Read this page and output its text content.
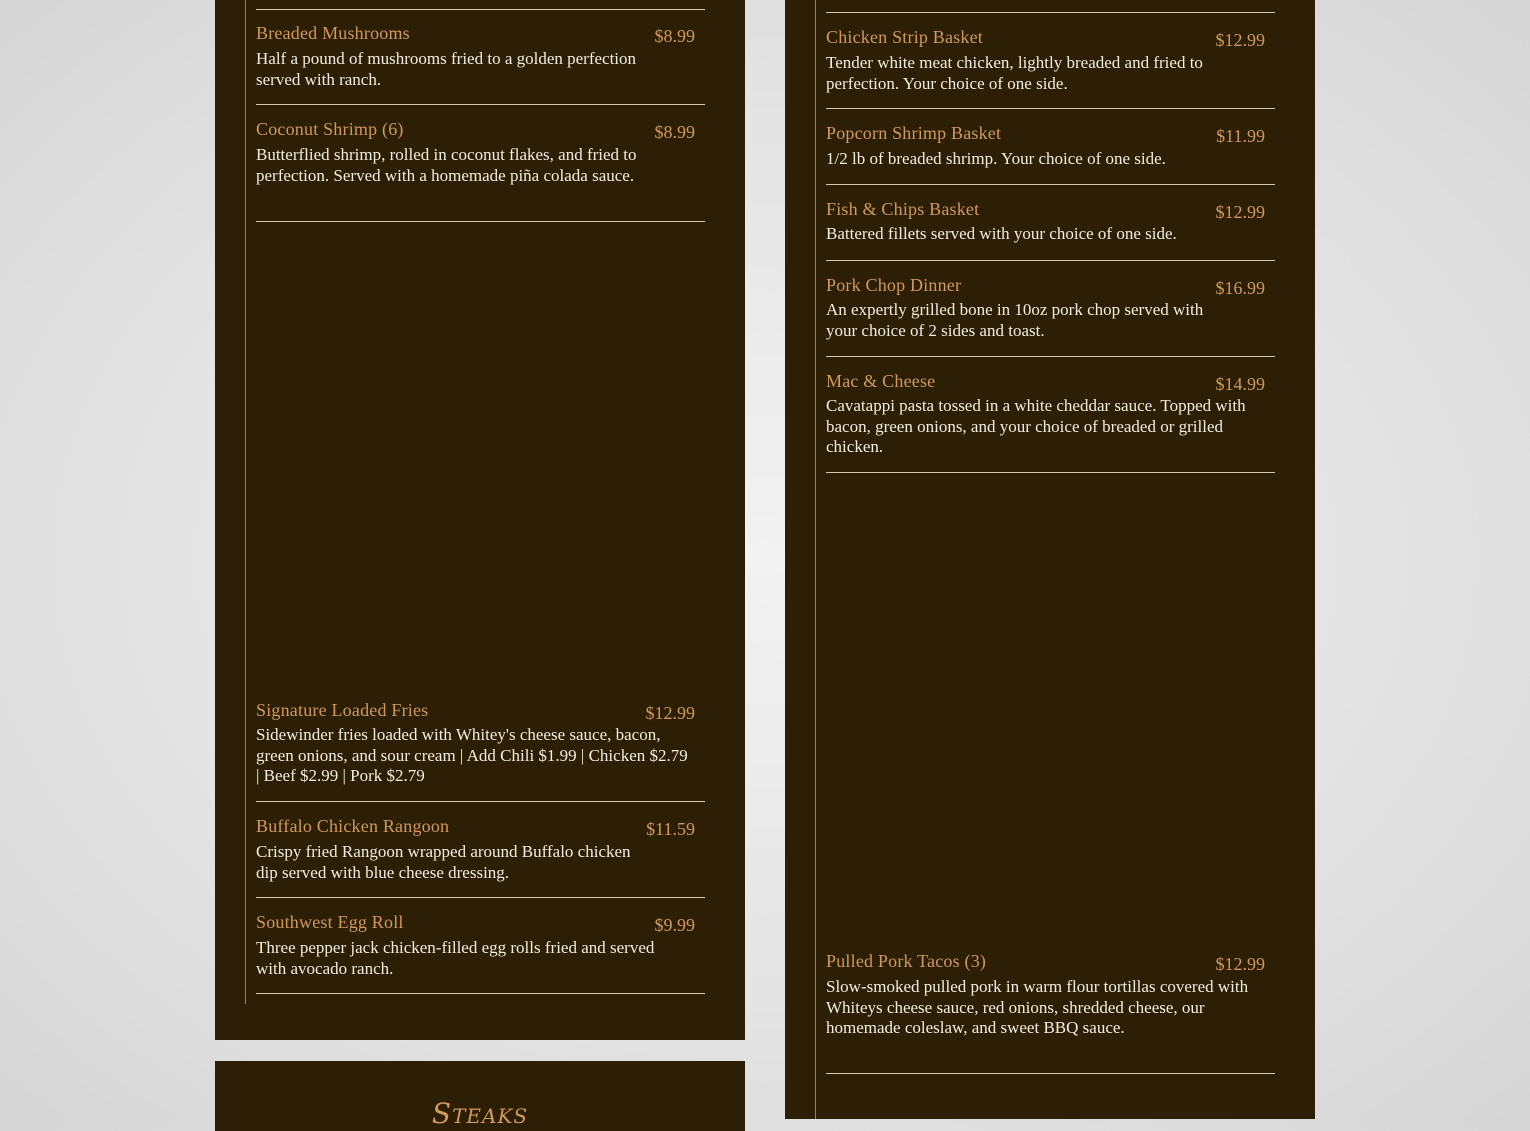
Breaded Mushrooms	$8.99
Half a pound of mushrooms fried to a golden perfection served with ranch.
Coconut Shrimp (6)	$8.99
Butterflied shrimp, rolled in coconut flakes, and fried to perfection. Served with a homemade piña colada sauce.
Signature Loaded Fries	$12.99
Sidewinder fries loaded with Whitey's cheese sauce, bacon, green onions, and sour cream | Add Chili $1.99 | Chicken $2.79 | Beef $2.99 | Pork $2.79
Buffalo Chicken Rangoon	$11.59
Crispy fried Rangoon wrapped around Buffalo chicken dip served with blue cheese dressing.
Southwest Egg Roll	$9.99
Three pepper jack chicken-filled egg rolls fried and served with avocado ranch.
Chicken Strip Basket	$12.99
Tender white meat chicken, lightly breaded and fried to perfection. Your choice of one side.
Popcorn Shrimp Basket	$11.99
1/2 lb of breaded shrimp. Your choice of one side.
Fish & Chips Basket	$12.99
Battered fillets served with your choice of one side.
Pork Chop Dinner	$16.99
An expertly grilled bone in 10oz pork chop served with your choice of 2 sides and toast.
Mac & Cheese	$14.99
Cavatappi pasta tossed in a white cheddar sauce. Topped with bacon, green onions, and your choice of breaded or grilled chicken.
Pulled Pork Tacos (3)	$12.99
Slow-smoked pulled pork in warm flour tortillas covered with Whiteys cheese sauce, red onions, shredded cheese, our homemade coleslaw, and sweet BBQ sauce.
Steaks
